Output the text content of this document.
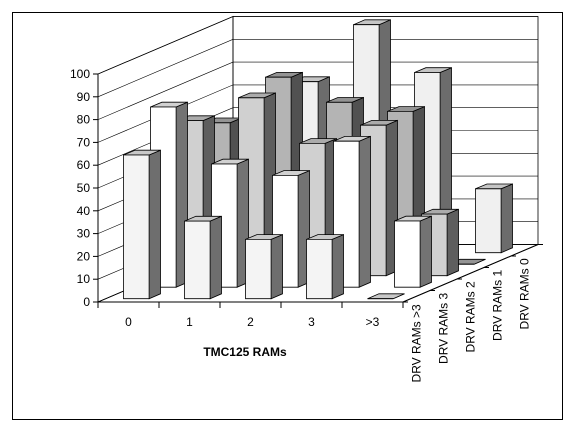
0
10
20
30
40
50
60
70
80
90
100
0	1	2	3	>3	DRV RAMs >3 DRV RAMs 3 DRV RAMs 2 DRV RAMs 1 DRV RAMs 0
TMC125 RAMs
